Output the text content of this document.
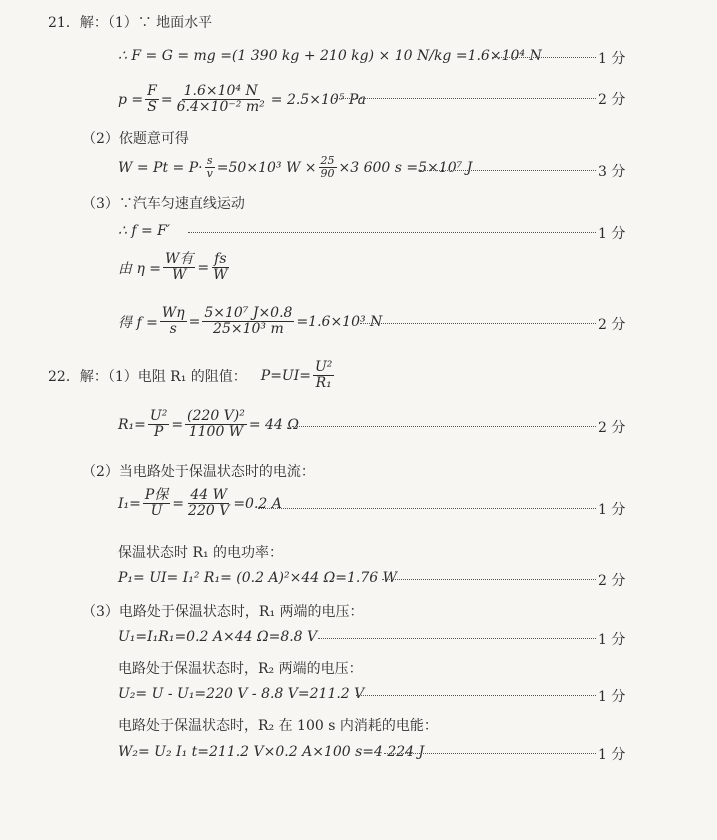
21．解：（1）∵ 地面水平
∴ F = G = mg =(1 390 kg + 210 kg) × 10 N/kg =1.6×10⁴ N	1 分
$p = \frac{F}{S} = \frac{\text{1.6×10⁴ N}}{\text{6.4×10⁻² m²}} = 2.5\times 10^5$ Pa	2 分
（2）依题意可得
$W = Pt = P\cdot \frac{s}{v} =50\times 10^3$ $W \times \frac{25}{90} \times 3$ 600 s =5×10⁷ J	3 分
（3）∵汽车匀速直线运动
∴ f = F′	1 分
由 $\eta = \frac{\text{W有}}{W} = \frac{fs}{W}$
得 $f = \frac{W\eta}{s} = \frac{\text{5×10⁷ J×0.8}}{\text{25×10³ m}} =1.6\times 10^3$ N	2 分
22．解：（1）电阻 R₁ 的阻值： $P=UI= \frac{\text{U²}}{\text{R₁}}$
$R_1= \frac{\text{U²}}{P} = \frac{\text{(220 V)²}}{1100 W} = 44$ Ω	2 分
（2）当电路处于保温状态时的电流：
$I_1= \frac{\text{P保}}{U} = \frac{44 W}{220 V} =0.2$ A	1 分
保温状态时 R₁ 的电功率：
P₁= UI= I₁² R₁= (0.2 A)²×44 Ω=1.76 W	2 分
（3）电路处于保温状态时，R₁ 两端的电压：
U₁=I₁R₁=0.2 A×44 Ω=8.8 V	1 分
电路处于保温状态时，R₂ 两端的电压：
U₂= U - U₁=220 V - 8.8 V=211.2 V	1 分
电路处于保温状态时，R₂ 在 100 s 内消耗的电能：
W₂= U₂ I₁ t=211.2 V×0.2 A×100 s=4 224 J	1 分
